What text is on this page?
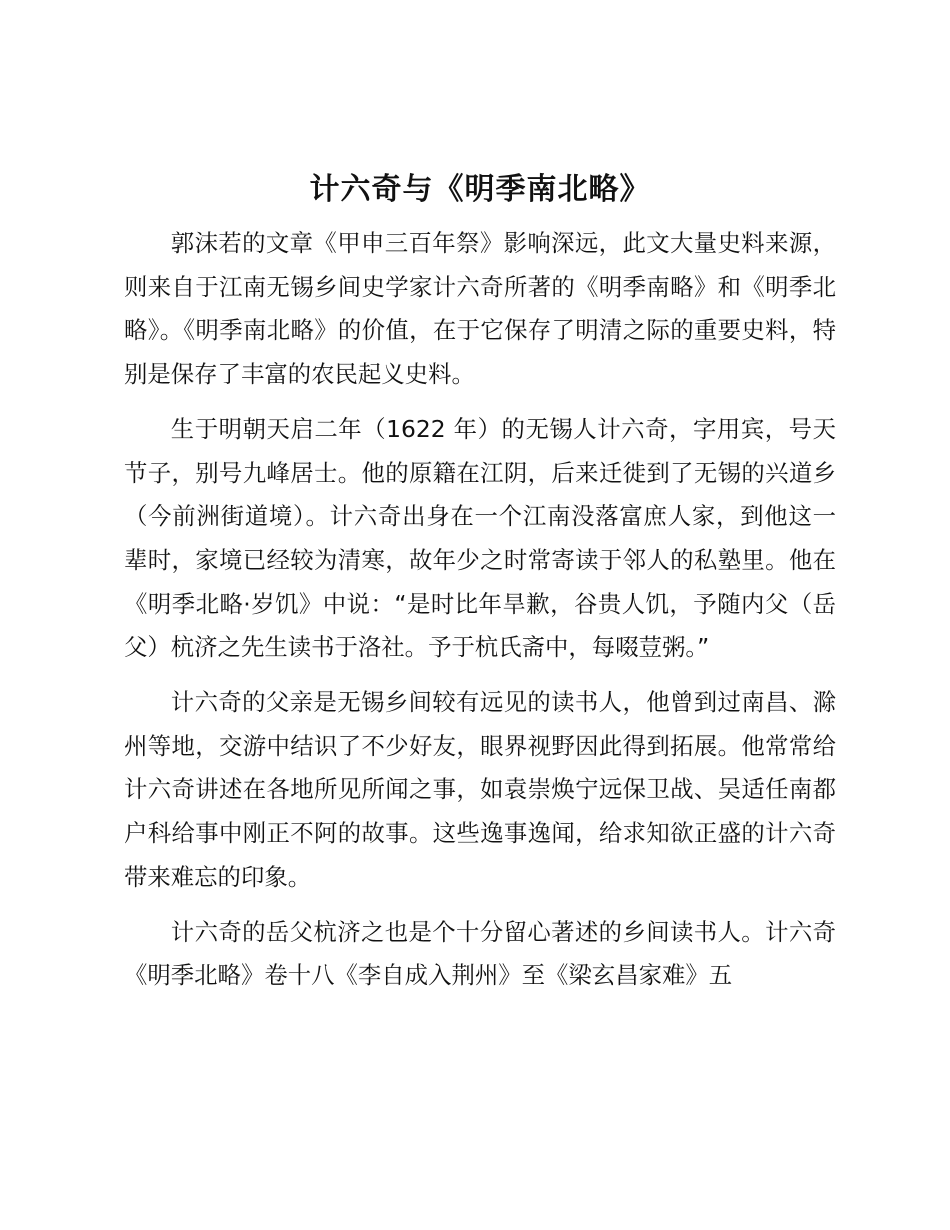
计六奇与《明季南北略》

郭沫若的文章《甲申三百年祭》影响深远，此文大量史料来源，则来自于江南无锡乡间史学家计六奇所著的《明季南略》和《明季北略》。《明季南北略》的价值，在于它保存了明清之际的重要史料，特别是保存了丰富的农民起义史料。

生于明朝天启二年（1622 年）的无锡人计六奇，字用宾，号天节子，别号九峰居士。他的原籍在江阴，后来迁徙到了无锡的兴道乡（今前洲街道境）。计六奇出身在一个江南没落富庶人家，到他这一辈时，家境已经较为清寒，故年少之时常寄读于邻人的私塾里。他在《明季北略·岁饥》中说：“是时比年旱歉，谷贵人饥，予随内父（岳父）杭济之先生读书于洛社。予于杭氏斋中，每啜荳粥。”

计六奇的父亲是无锡乡间较有远见的读书人，他曾到过南昌、滁州等地，交游中结识了不少好友，眼界视野因此得到拓展。他常常给计六奇讲述在各地所见所闻之事，如袁崇焕宁远保卫战、吴适任南都户科给事中刚正不阿的故事。这些逸事逸闻，给求知欲正盛的计六奇带来难忘的印象。

计六奇的岳父杭济之也是个十分留心著述的乡间读书人。计六奇《明季北略》卷十八《李自成入荆州》至《梁玄昌家难》五
